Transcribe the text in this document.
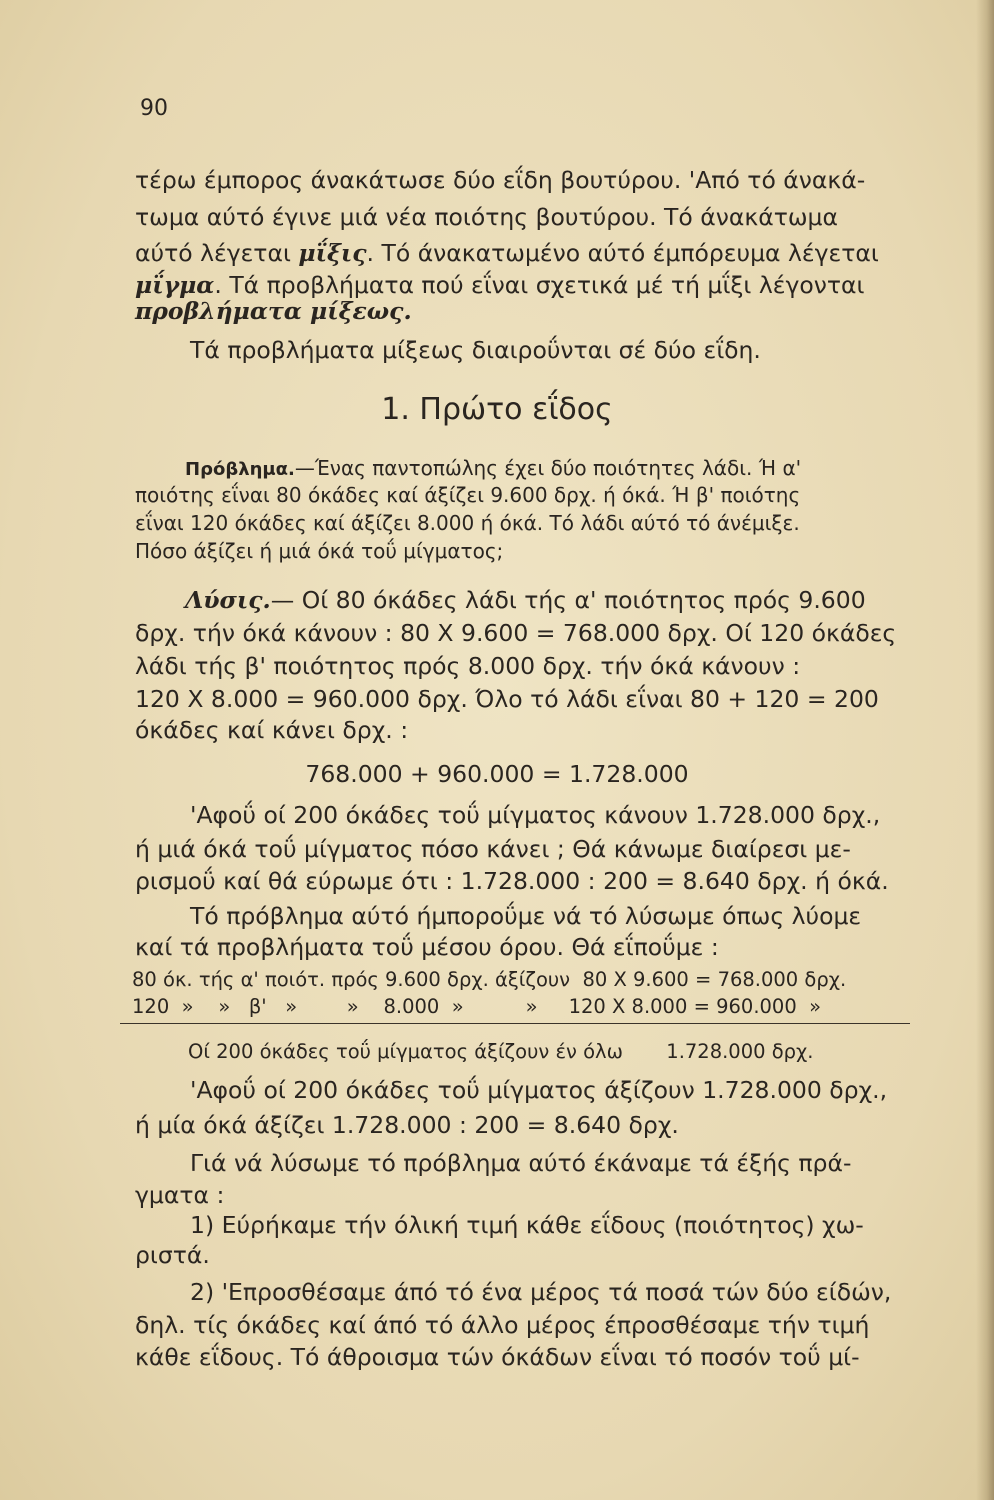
90
τέρω έμπορος άνακάτωσε δύο εΐδη βουτύρου. 'Από τό άνακά-
τωμα αύτό έγινε μιά νέα ποιότης βουτύρου. Τό άνακάτωμα
αύτό λέγεται μΐξις. Τό άνακατωμένο αύτό έμπόρευμα λέγεται
μΐγμα. Τά προβλήματα πού εΐναι σχετικά μέ τή μΐξι λέγονται
προβλήματα μίξεως.
Τά προβλήματα μίξεως διαιροΰνται σέ δύο εΐδη.
1. Πρώτο εΐδος
Πρόβλημα.—Ένας παντοπώλης έχει δύο ποιότητες λάδι. Ή α'
ποιότης εΐναι 80 όκάδες καί άξίζει 9.600 δρχ. ή όκά. Ή β' ποιότης
εΐναι 120 όκάδες καί άξίζει 8.000 ή όκά. Τό λάδι αύτό τό άνέμιξε.
Πόσο άξίζει ή μιά όκά τοΰ μίγματος;
Λύσις.— Οί 80 όκάδες λάδι τής α' ποιότητος πρός 9.600
δρχ. τήν όκά κάνουν : 80 X 9.600 = 768.000 δρχ. Οί 120 όκάδες
λάδι τής β' ποιότητος πρός 8.000 δρχ. τήν όκά κάνουν :
120 X 8.000 = 960.000 δρχ. Όλο τό λάδι εΐναι 80 + 120 = 200
όκάδες καί κάνει δρχ. :
768.000 + 960.000 = 1.728.000
'Αφοΰ οί 200 όκάδες τοΰ μίγματος κάνουν 1.728.000 δρχ.,
ή μιά όκά τοΰ μίγματος πόσο κάνει ; Θά κάνωμε διαίρεσι με-
ρισμοΰ καί θά εύρωμε ότι : 1.728.000 : 200 = 8.640 δρχ. ή όκά.
Τό πρόβλημα αύτό ήμποροΰμε νά τό λύσωμε όπως λύομε
καί τά προβλήματα τοΰ μέσου όρου. Θά εΐποΰμε :
80 όκ. τής α' ποιότ. πρός 9.600 δρχ. άξίζουν  80 X 9.600 = 768.000 δρχ.
120  »    »   β'   »        »    8.000  »          »     120 X 8.000 = 960.000  »
Οί 200 όκάδες τοΰ μίγματος άξίζουν έν όλω       1.728.000 δρχ.
'Αφοΰ οί 200 όκάδες τοΰ μίγματος άξίζουν 1.728.000 δρχ.,
ή μία όκά άξίζει 1.728.000 : 200 = 8.640 δρχ.
Γιά νά λύσωμε τό πρόβλημα αύτό έκάναμε τά έξής πρά-
γματα :
1) Εύρήκαμε τήν όλική τιμή κάθε εΐδους (ποιότητος) χω-
ριστά.
2) 'Επροσθέσαμε άπό τό ένα μέρος τά ποσά τών δύο είδών,
δηλ. τίς όκάδες καί άπό τό άλλο μέρος έπροσθέσαμε τήν τιμή
κάθε εΐδους. Τό άθροισμα τών όκάδων εΐναι τό ποσόν τοΰ μί-
